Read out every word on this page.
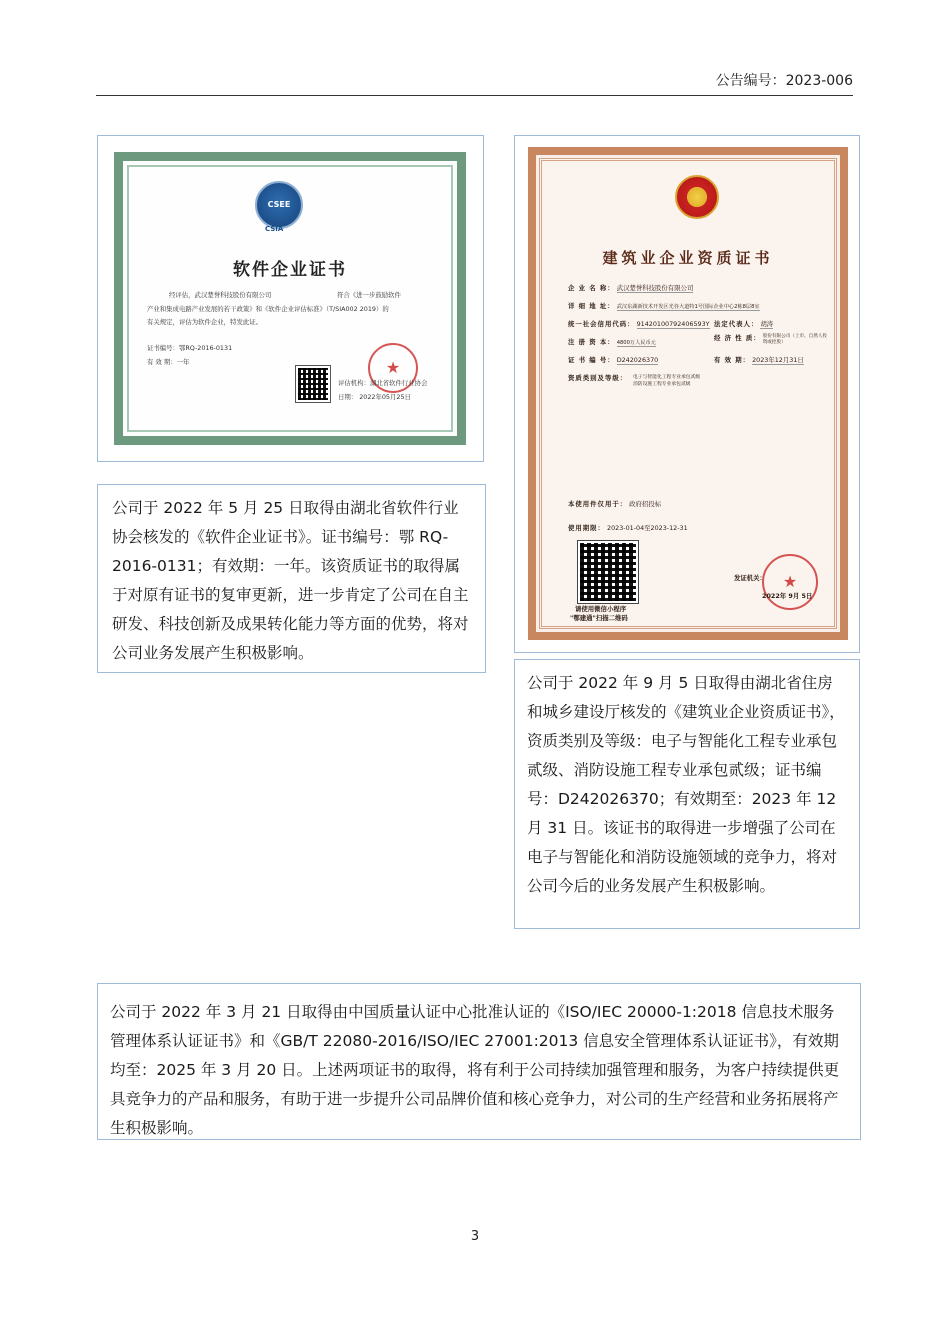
公告编号：2023-006
CSEE
CSIA
软件企业证书
经评估，武汉楚誉科技股份有限公司	符合《进一步鼓励软件
产业和集成电路产业发展的若干政策》和《软件企业评估标准》（T/SIA002 2019）的
有关规定，评估为软件企业，特发此证。
证书编号：鄂RQ-2016-0131
有 效 期：一年	★
评估机构：湖北省软件行业协会
日期： 2022年05月25日
公司于 2022 年 5 月 25 日取得由湖北省软件行业协会核发的《软件企业证书》。证书编号：鄂 RQ-2016-0131；有效期：一年。该资质证书的取得属于对原有证书的复审更新，进一步肯定了公司在自主研发、科技创新及成果转化能力等方面的优势，将对公司业务发展产生积极影响。
建筑业企业资质证书
企 业 名 称： 武汉楚誉科技股份有限公司
详 细 地 址： 武汉东湖新技术开发区光谷大道特1号国际企业中心2栋8层8室
统一社会信用代码： 91420100792406593Y 法定代表人： 胡涛
注 册 资 本： 4800万人民币元
经 济 性 质： 股份有限公司（上市、自然人投资或控股）
证 书 编 号： D242026370	有 效 期： 2023年12月31日
资质类别及等级： 电子与智能化工程专业承包贰级
消防设施工程专业承包贰级
本使用件仅用于： 政府招投标
使用期限： 2023-01-04至2023-12-31
请使用微信小程序
"鄂建通"扫描二维码
★
发证机关：
2022年 9月 5日
公司于 2022 年 9 月 5 日取得由湖北省住房和城乡建设厅核发的《建筑业企业资质证书》，资质类别及等级：电子与智能化工程专业承包贰级、消防设施工程专业承包贰级；证书编号：D242026370；有效期至：2023 年 12 月 31 日。该证书的取得进一步增强了公司在电子与智能化和消防设施领域的竞争力，将对公司今后的业务发展产生积极影响。
公司于 2022 年 3 月 21 日取得由中国质量认证中心批准认证的《ISO/IEC 20000-1:2018 信息技术服务管理体系认证证书》和《GB/T 22080-2016/ISO/IEC 27001:2013 信息安全管理体系认证证书》，有效期均至：2025 年 3 月 20 日。上述两项证书的取得，将有利于公司持续加强管理和服务，为客户持续提供更具竞争力的产品和服务，有助于进一步提升公司品牌价值和核心竞争力，对公司的生产经营和业务拓展将产生积极影响。
3
